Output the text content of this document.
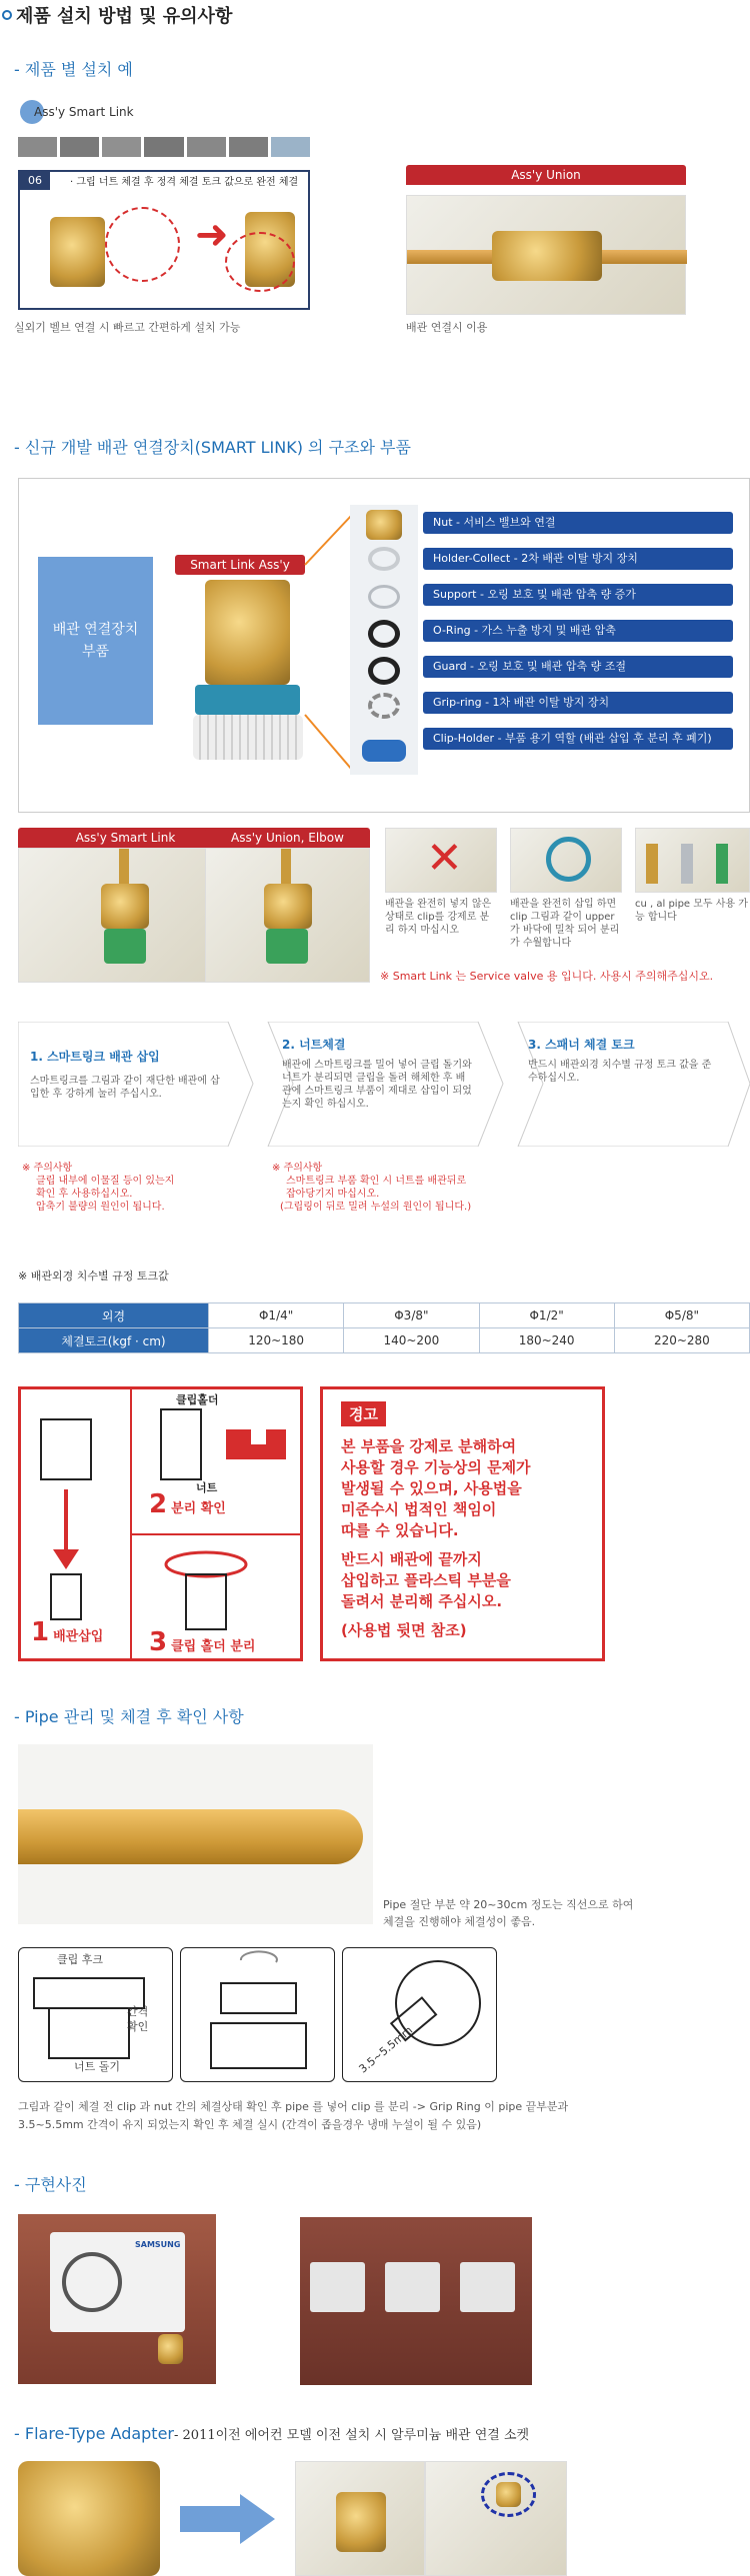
제품 설치 방법 및 유의사항
- 제품 별 설치 예
Ass'y Smart Link
06	· 그립 너트 체결 후 정격 체결 토크 값으로 완전 체결
➜
실외기 벨브 연결 시 빠르고 간편하게 설치 가능
Ass'y Union
배관 연결시 이용
- 신규 개발 배관 연결장치(SMART LINK) 의 구조와 부품
배관 연결장치
부품
Smart Link Ass'y
Nut - 서비스 밸브와 연결
Holder-Collect - 2차 배관 이탈 방지 장치
Support - 오링 보호 및 배관 압축 량 증가
O-Ring - 가스 누출 방지 및 배관 압축
Guard - 오링 보호 및 배관 압축 량 조절
Grip-ring - 1차 배관 이탈 방지 장치
Clip-Holder - 부품 용기 역할 (배관 삽입 후 분리 후 폐기)
Ass'y Smart Link	Ass'y Union, Elbow	✕
배관을 완전히 넣지 않은 상태로 clip를 강제로 분리 하지 마십시오
배관을 완전히 삽입 하면 clip 그림과 같이 upper가 바닥에 밀착 되어 분리가 수월합니다
cu , al pipe 모두 사용 가능 합니다
※ Smart Link 는 Service valve 용 입니다. 사용시 주의해주십시오.
1. 스마트링크 배관 삽입
스마트링크를 그림과 같이 재단한 배관에 삽입한 후 강하게 눌러 주십시오.
2. 너트체결
배관에 스마트링크를 밀어 넣어 클립 돌기와 너트가 분리되면 클립을 돌려 해체한 후 배관에 스마트링크 부품이 제대로 삽입이 되었는지 확인 하십시오.
3. 스패너 체결 토크
반드시 배관외경 치수별 규정 토크 값을 준수하십시오.
※ 주의사항
클립 내부에 이물질 등이 있는지
확인 후 사용하십시오.
압축기 불량의 원인이 됩니다.
※ 주의사항
스마트링크 부품 확인 시 너트를 배관뒤로
잡아당기지 마십시오.
(그립링이 뒤로 밀려 누설의 원인이 됩니다.)
※ 배관외경 치수별 규정 토크값
외경	Φ1/4"	Φ3/8"	Φ1/2"	Φ5/8"
체결토크(kgf · cm)	120~180	140~200	180~240	220~280
클립홀더
너트
2 분리 확인
1 배관삽입 3 클립 홀더 분리
경고
본 부품을 강제로 분해하여
사용할 경우 기능상의 문제가
발생될 수 있으며, 사용법을
미준수시 법적인 책임이
따를 수 있습니다.
반드시 배관에 끝까지
삽입하고 플라스틱 부분을
돌려서 분리해 주십시오.
(사용법 뒷면 참조)
- Pipe 관리 및 체결 후 확인 사항
Pipe 절단 부분 약 20~30cm 정도는 직선으로 하여
체결을 진행해야 체결성이 좋음.
클립 후크
간격
확인
너트 돌기	3.5~5.5mm
그림과 같이 체결 전 clip 과 nut 간의 체결상태 확인 후 pipe 를 넣어 clip 를 분리 -> Grip Ring 이 pipe 끝부분과
3.5~5.5mm 간격이 유지 되었는지 확인 후 체결 실시 (간격이 좁을경우 냉매 누설이 될 수 있음)
- 구현사진
SAMSUNG
- Flare-Type Adapter - 2011이전 에어컨 모델 이전 설치 시 알루미늄 배관 연결 소켓
